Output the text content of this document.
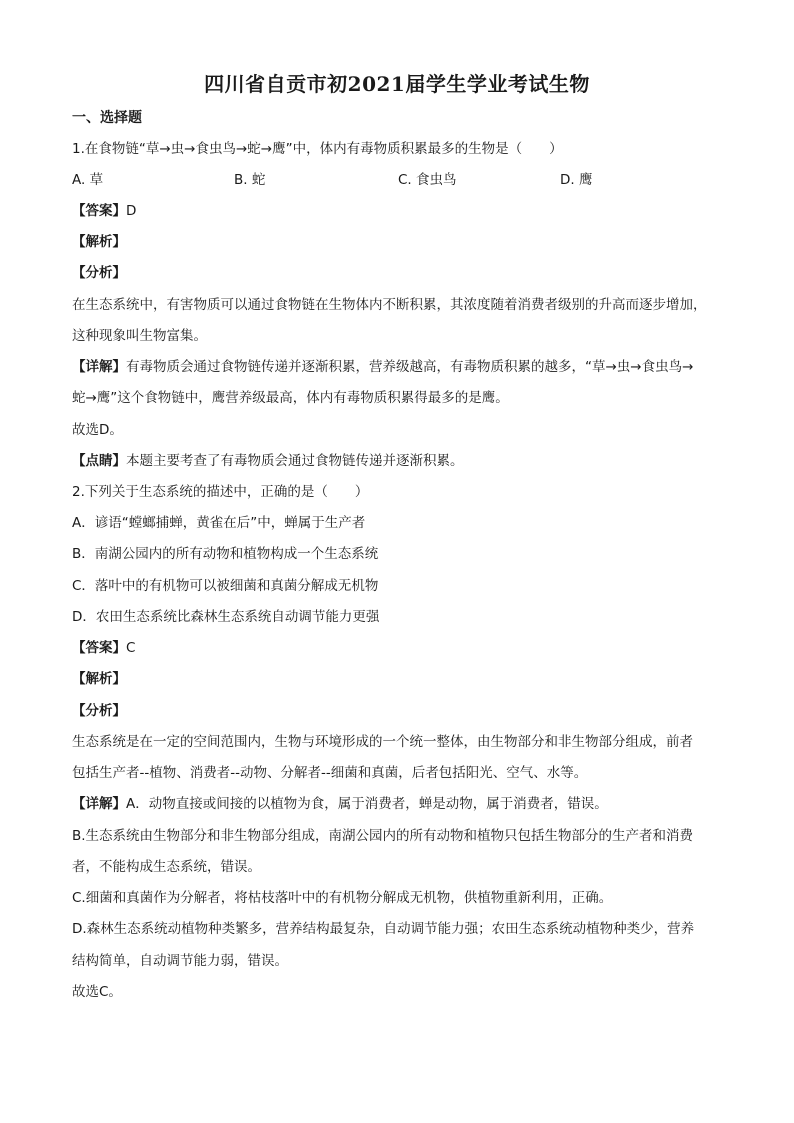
四川省自贡市初2021届学生学业考试生物
一、选择题
1.在食物链“草→虫→食虫鸟→蛇→鹰”中，体内有毒物质积累最多的生物是（　　）
A. 草	B. 蛇	C. 食虫鸟	D. 鹰
【答案】D
【解析】
【分析】
在生态系统中，有害物质可以通过食物链在生物体内不断积累，其浓度随着消费者级别的升高而逐步增加，
这种现象叫生物富集。
【详解】有毒物质会通过食物链传递并逐渐积累，营养级越高，有毒物质积累的越多，“草→虫→食虫鸟→
蛇→鹰”这个食物链中，鹰营养级最高，体内有毒物质积累得最多的是鹰。
故选D。
【点睛】本题主要考查了有毒物质会通过食物链传递并逐渐积累。
2.下列关于生态系统的描述中，正确的是（　　）
A．谚语“螳螂捕蝉，黄雀在后”中，蝉属于生产者
B．南湖公园内的所有动物和植物构成一个生态系统
C．落叶中的有机物可以被细菌和真菌分解成无机物
D．农田生态系统比森林生态系统自动调节能力更强
【答案】C
【解析】
【分析】
生态系统是在一定的空间范围内，生物与环境形成的一个统一整体，由生物部分和非生物部分组成，前者
包括生产者--植物、消费者--动物、分解者--细菌和真菌，后者包括阳光、空气、水等。
【详解】A．动物直接或间接的以植物为食，属于消费者，蝉是动物，属于消费者，错误。
B.生态系统由生物部分和非生物部分组成，南湖公园内的所有动物和植物只包括生物部分的生产者和消费
者，不能构成生态系统，错误。
C.细菌和真菌作为分解者，将枯枝落叶中的有机物分解成无机物，供植物重新利用，正确。
D.森林生态系统动植物种类繁多，营养结构最复杂，自动调节能力强；农田生态系统动植物种类少，营养
结构简单，自动调节能力弱，错误。
故选C。
